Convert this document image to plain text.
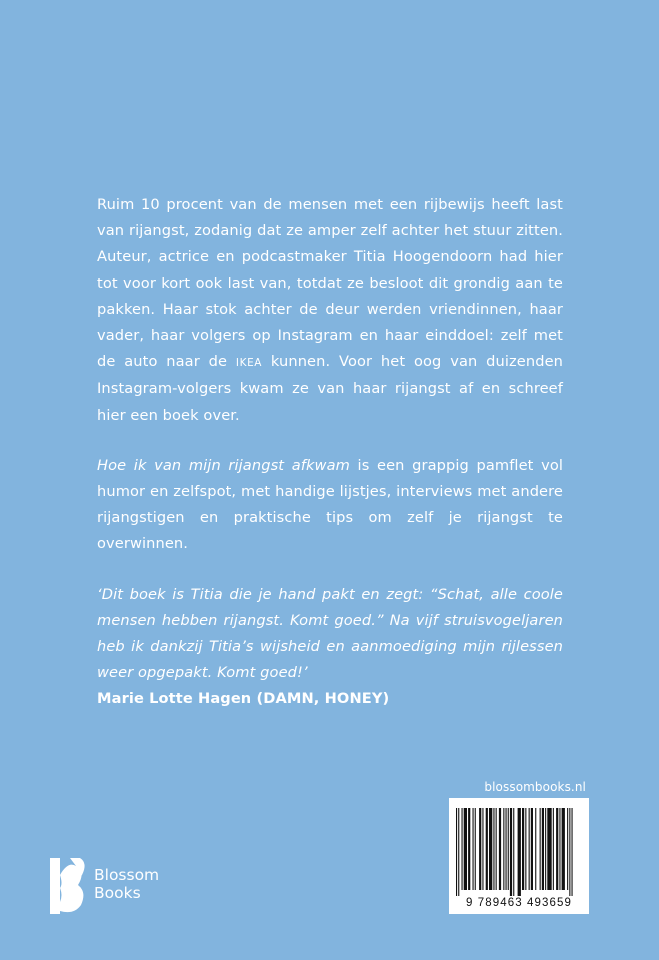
Ruim 10 procent van de mensen met een rijbewijs heeft last van rijangst, zodanig dat ze amper zelf achter het stuur zitten. Auteur, actrice en podcastmaker Titia Hoogendoorn had hier tot voor kort ook last van, totdat ze besloot dit grondig aan te pakken. Haar stok achter de deur werden vriendinnen, haar vader, haar volgers op Instagram en haar einddoel: zelf met de auto naar de IKEA kunnen. Voor het oog van duizenden Instagram-volgers kwam ze van haar rijangst af en schreef hier een boek over.

Hoe ik van mijn rijangst afkwam is een grappig pamflet vol humor en zelfspot, met handige lijstjes, interviews met andere rijangstigen en praktische tips om zelf je rijangst te overwinnen.

‘Dit boek is Titia die je hand pakt en zegt: “Schat, alle coole mensen hebben rijangst. Komt goed.” Na vijf struisvogeljaren heb ik dankzij Titia’s wijsheid en aanmoediging mijn rijlessen weer opgepakt. Komt goed!’

Marie Lotte Hagen (DAMN, HONEY)

blossombooks.nl
9 789463 493659
Blossom
Books
